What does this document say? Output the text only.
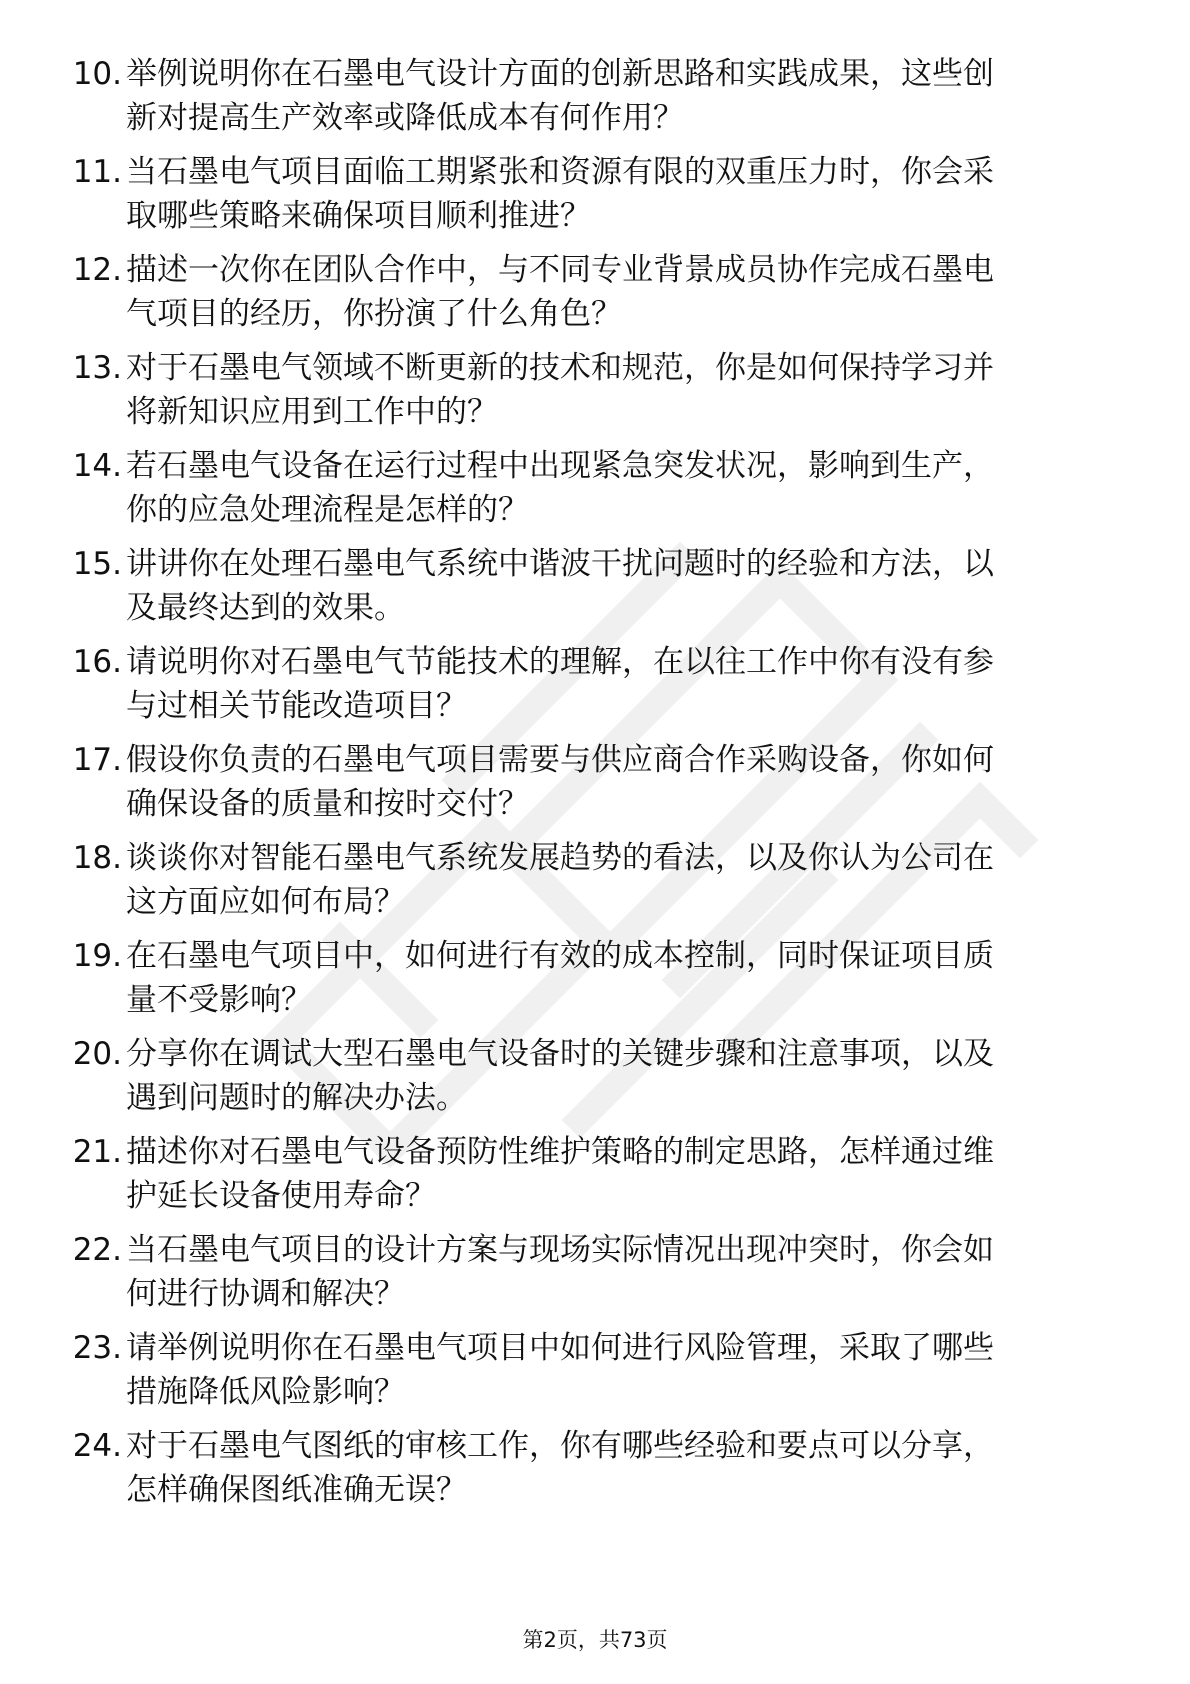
10. 举例说明你在石墨电气设计方面的创新思路和实践成果，这些创
新对提高生产效率或降低成本有何作用？

11. 当石墨电气项目面临工期紧张和资源有限的双重压力时，你会采
取哪些策略来确保项目顺利推进？

12. 描述一次你在团队合作中，与不同专业背景成员协作完成石墨电
气项目的经历，你扮演了什么角色？

13. 对于石墨电气领域不断更新的技术和规范，你是如何保持学习并
将新知识应用到工作中的？

14. 若石墨电气设备在运行过程中出现紧急突发状况，影响到生产，
你的应急处理流程是怎样的？

15. 讲讲你在处理石墨电气系统中谐波干扰问题时的经验和方法，以
及最终达到的效果。

16. 请说明你对石墨电气节能技术的理解，在以往工作中你有没有参
与过相关节能改造项目？

17. 假设你负责的石墨电气项目需要与供应商合作采购设备，你如何
确保设备的质量和按时交付？

18. 谈谈你对智能石墨电气系统发展趋势的看法，以及你认为公司在
这方面应如何布局？

19. 在石墨电气项目中，如何进行有效的成本控制，同时保证项目质
量不受影响？

20. 分享你在调试大型石墨电气设备时的关键步骤和注意事项，以及
遇到问题时的解决办法。

21. 描述你对石墨电气设备预防性维护策略的制定思路，怎样通过维
护延长设备使用寿命？

22. 当石墨电气项目的设计方案与现场实际情况出现冲突时，你会如
何进行协调和解决？

23. 请举例说明你在石墨电气项目中如何进行风险管理，采取了哪些
措施降低风险影响？

24. 对于石墨电气图纸的审核工作，你有哪些经验和要点可以分享，
怎样确保图纸准确无误？

第2页，共73页
